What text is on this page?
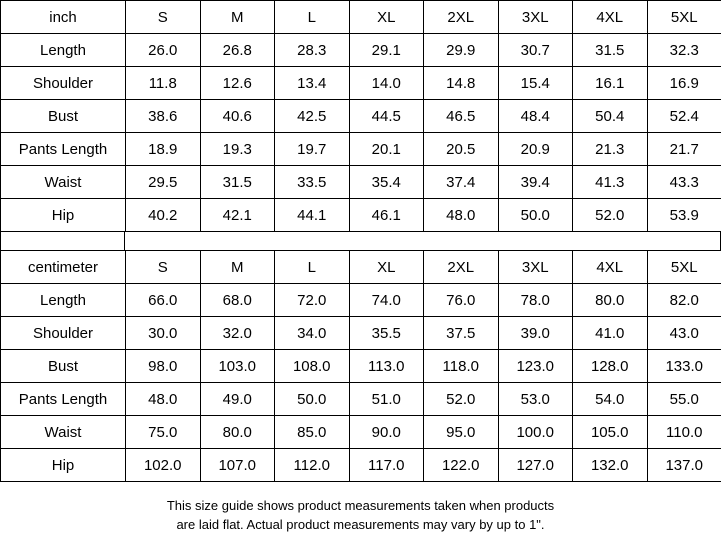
inch	S	M	L	XL	2XL	3XL	4XL	5XL
Length	26.0	26.8	28.3	29.1	29.9	30.7	31.5	32.3
Shoulder	11.8	12.6	13.4	14.0	14.8	15.4	16.1	16.9
Bust	38.6	40.6	42.5	44.5	46.5	48.4	50.4	52.4
Pants Length	18.9	19.3	19.7	20.1	20.5	20.9	21.3	21.7
Waist	29.5	31.5	33.5	35.4	37.4	39.4	41.3	43.3
Hip	40.2	42.1	44.1	46.1	48.0	50.0	52.0	53.9
centimeter	S	M	L	XL	2XL	3XL	4XL	5XL
Length	66.0	68.0	72.0	74.0	76.0	78.0	80.0	82.0
Shoulder	30.0	32.0	34.0	35.5	37.5	39.0	41.0	43.0
Bust	98.0	103.0	108.0	113.0	118.0	123.0	128.0	133.0
Pants Length	48.0	49.0	50.0	51.0	52.0	53.0	54.0	55.0
Waist	75.0	80.0	85.0	90.0	95.0	100.0	105.0	110.0
Hip	102.0	107.0	112.0	117.0	122.0	127.0	132.0	137.0
This size guide shows product measurements taken when products
are laid flat. Actual product measurements may vary by up to 1".
